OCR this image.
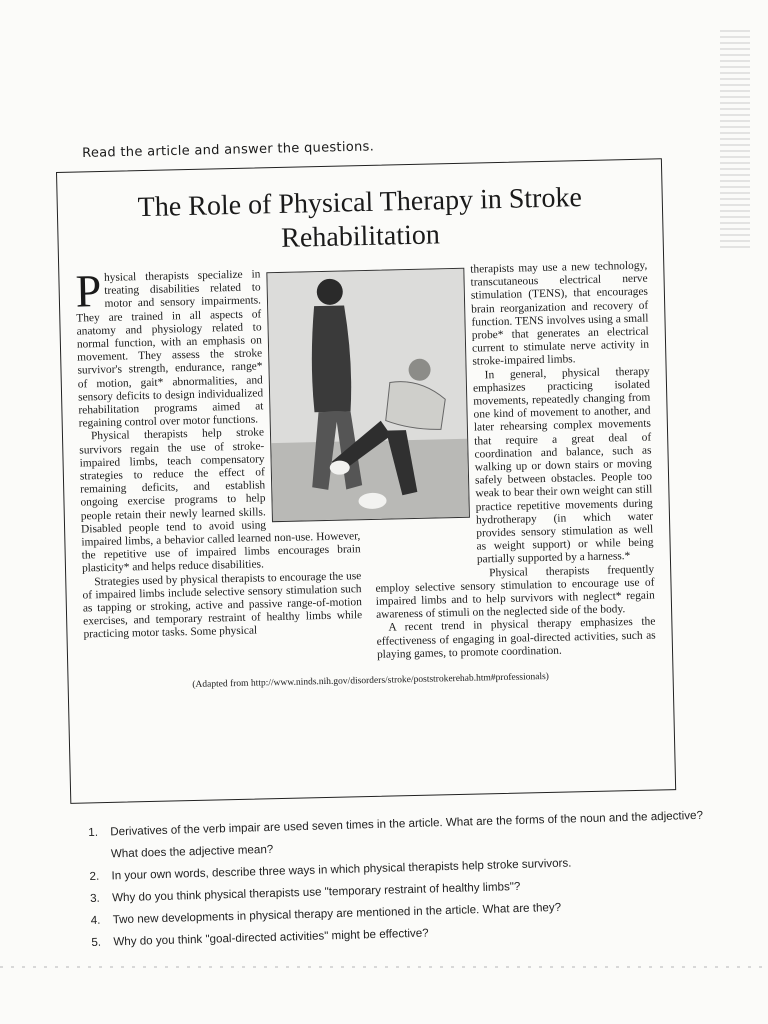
Read the article and answer the questions.
The Role of Physical Therapy in Stroke Rehabilitation

Physical therapists specialize in treating disabilities related to motor and sensory impairments. They are trained in all aspects of anatomy and physiology related to normal function, with an emphasis on movement. They assess the stroke survivor's strength, endurance, range* of motion, gait* abnormalities, and sensory deficits to design individualized rehabilitation programs aimed at regaining control over motor functions.

Physical therapists help stroke survivors regain the use of stroke-impaired limbs, teach compensatory strategies to reduce the effect of remaining deficits, and establish ongoing exercise programs to help people retain their newly learned skills. Disabled people tend to avoid using impaired limbs, a behavior called learned non-use. However, the repetitive use of impaired limbs encourages brain plasticity* and helps reduce disabilities.

Strategies used by physical therapists to encourage the use of impaired limbs include selective sensory stimulation such as tapping or stroking, active and passive range-of-motion exercises, and temporary restraint of healthy limbs while practicing motor tasks. Some physical

therapists may use a new technology, transcutaneous electrical nerve stimulation (TENS), that encourages brain reorganization and recovery of function. TENS involves using a small probe* that generates an electrical current to stimulate nerve activity in stroke-impaired limbs.

In general, physical therapy emphasizes practicing isolated movements, repeatedly changing from one kind of movement to another, and later rehearsing complex movements that require a great deal of coordination and balance, such as walking up or down stairs or moving safely between obstacles. People too weak to bear their own weight can still practice repetitive movements during hydrotherapy (in which water provides sensory stimulation as well as weight support) or while being partially supported by a harness.*

Physical therapists frequently employ selective sensory stimulation to encourage use of impaired limbs and to help survivors with neglect* regain awareness of stimuli on the neglected side of the body.

A recent trend in physical therapy emphasizes the effectiveness of engaging in goal-directed activities, such as playing games, to promote coordination.

(Adapted from http://www.ninds.nih.gov/disorders/stroke/poststrokerehab.htm#professionals)
1.	Derivatives of the verb impair are used seven times in the article. What are the forms of the noun and the adjective?
What does the adjective mean?
2.	In your own words, describe three ways in which physical therapists help stroke survivors.
3.	Why do you think physical therapists use "temporary restraint of healthy limbs"?
4.	Two new developments in physical therapy are mentioned in the article. What are they?
5.	Why do you think "goal-directed activities" might be effective?
